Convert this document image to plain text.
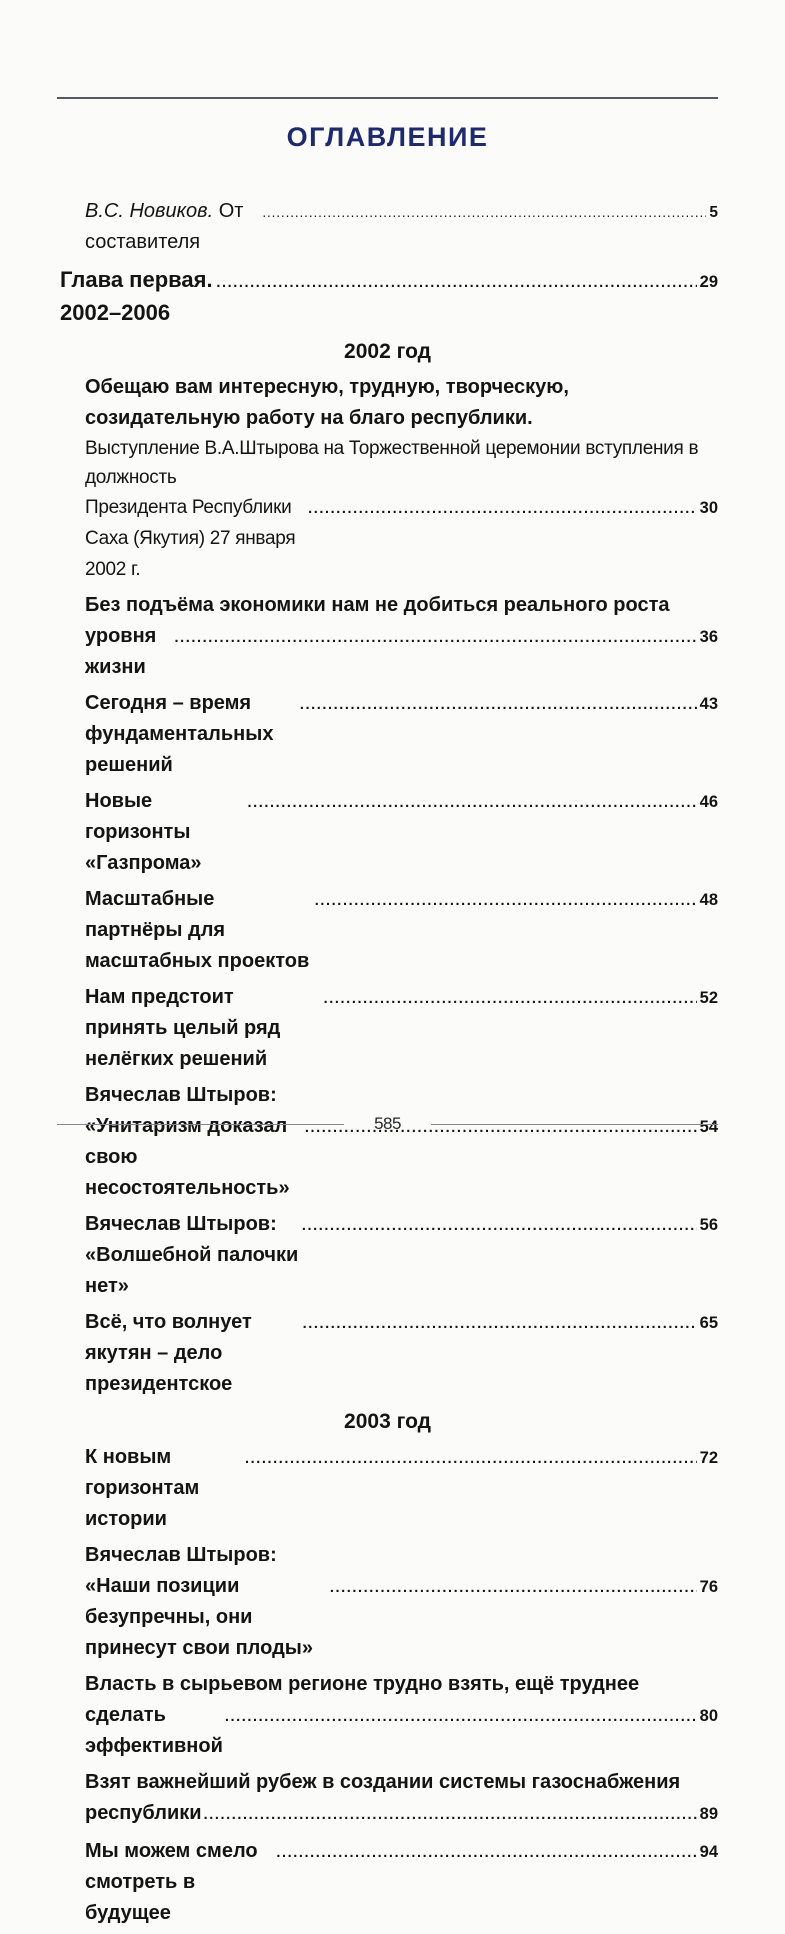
ОГЛАВЛЕНИЕ
В.С. Новиков. От составителя
.....
5
Глава первая. 2002–2006
.....
29
2002 год
Обещаю вам интересную, трудную, творческую,
созидательную работу на благо республики.
Выступление В.А.Штырова на Торжественной церемонии вступления в должность
Президента Республики Саха (Якутия) 27 января 2002 г.
.....
30
Без подъёма экономики нам не добиться реального роста
уровня жизни
.....
36
Сегодня – время фундаментальных решений
.....
43
Новые горизонты «Газпрома»
.....
46
Масштабные партнёры для масштабных проектов
.....
48
Нам предстоит принять целый ряд нелёгких решений
.....
52
Вячеслав Штыров:
«Унитаризм доказал свою несостоятельность»
.....
54
Вячеслав Штыров: «Волшебной палочки нет»
.....
56
Всё, что волнует якутян – дело президентское
.....
65
2003 год
К новым горизонтам истории
.....
72
Вячеслав Штыров:
«Наши позиции безупречны, они принесут свои плоды»
.....
76
Власть в сырьевом регионе трудно взять, ещё труднее
сделать эффективной
.....
80
Взят важнейший рубеж в создании системы газоснабжения
республики .....	89
Мы можем смело смотреть в будущее
.....
94
585
